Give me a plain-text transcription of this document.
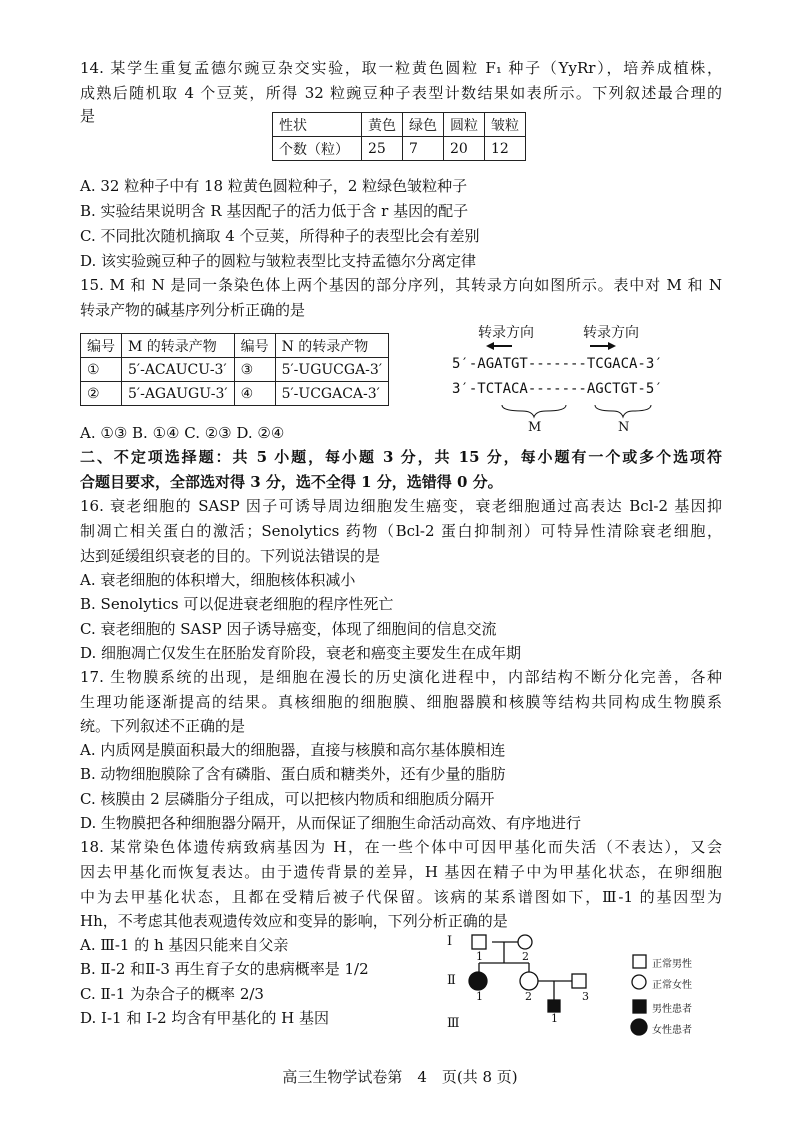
14. 某学生重复孟德尔豌豆杂交实验，取一粒黄色圆粒 F₁ 种子（YyRr），培养成植株，
成熟后随机取 4 个豆荚，所得 32 粒豌豆种子表型计数结果如表所示。下列叙述最合理的
是
性状	黄色	绿色	圆粒	皱粒
个数（粒）	25	7	20	12
A. 32 粒种子中有 18 粒黄色圆粒种子，2 粒绿色皱粒种子
B. 实验结果说明含 R 基因配子的活力低于含 r 基因的配子
C. 不同批次随机摘取 4 个豆荚，所得种子的表型比会有差别
D. 该实验豌豆种子的圆粒与皱粒表型比支持孟德尔分离定律
15. M 和 N 是同一条染色体上两个基因的部分序列，其转录方向如图所示。表中对 M 和 N
转录产物的碱基序列分析正确的是
编号	M 的转录产物	编号	N 的转录产物
①	5′-ACAUCU-3′	③	5′-UGUCGA-3′
②	5′-AGAUGU-3′	④	5′-UCGACA-3′
转录方向	转录方向
5′-AGATGT-------TCGACA-3′
3′-TCTACA-------AGCTGT-5′
M	N
A. ①③ B. ①④ C. ②③ D. ②④
二、不定项选择题：共 5 小题，每小题 3 分，共 15 分，每小题有一个或多个选项符
合题目要求，全部选对得 3 分，选不全得 1 分，选错得 0 分。
16. 衰老细胞的 SASP 因子可诱导周边细胞发生癌变，衰老细胞通过高表达 Bcl-2 基因抑
制凋亡相关蛋白的激活；Senolytics 药物（Bcl-2 蛋白抑制剂）可特异性清除衰老细胞，
达到延缓组织衰老的目的。下列说法错误的是
A. 衰老细胞的体积增大，细胞核体积减小
B. Senolytics 可以促进衰老细胞的程序性死亡
C. 衰老细胞的 SASP 因子诱导癌变，体现了细胞间的信息交流
D. 细胞凋亡仅发生在胚胎发育阶段，衰老和癌变主要发生在成年期
17. 生物膜系统的出现，是细胞在漫长的历史演化进程中，内部结构不断分化完善，各种
生理功能逐渐提高的结果。真核细胞的细胞膜、细胞器膜和核膜等结构共同构成生物膜系
统。下列叙述不正确的是
A. 内质网是膜面积最大的细胞器，直接与核膜和高尔基体膜相连
B. 动物细胞膜除了含有磷脂、蛋白质和糖类外，还有少量的脂肪
C. 核膜由 2 层磷脂分子组成，可以把核内物质和细胞质分隔开
D. 生物膜把各种细胞器分隔开，从而保证了细胞生命活动高效、有序地进行
18. 某常染色体遗传病致病基因为 H，在一些个体中可因甲基化而失活（不表达），又会
因去甲基化而恢复表达。由于遗传背景的差异，H 基因在精子中为甲基化状态，在卵细胞
中为去甲基化状态，且都在受精后被子代保留。该病的某系谱图如下，Ⅲ-1 的基因型为
Hh，不考虑其他表观遗传效应和变异的影响，下列分析正确的是
A. Ⅲ-1 的 h 基因只能来自父亲
B. Ⅱ-2 和Ⅱ-3 再生育子女的患病概率是 1/2
C. Ⅱ-1 为杂合子的概率 2/3
D. I-1 和 I-2 均含有甲基化的 H 基因
Ⅰ
Ⅱ
Ⅲ
1	2
1	2	3
1
正常男性
正常女性
男性患者
女性患者
高三生物学试卷第　4　页(共 8 页)
